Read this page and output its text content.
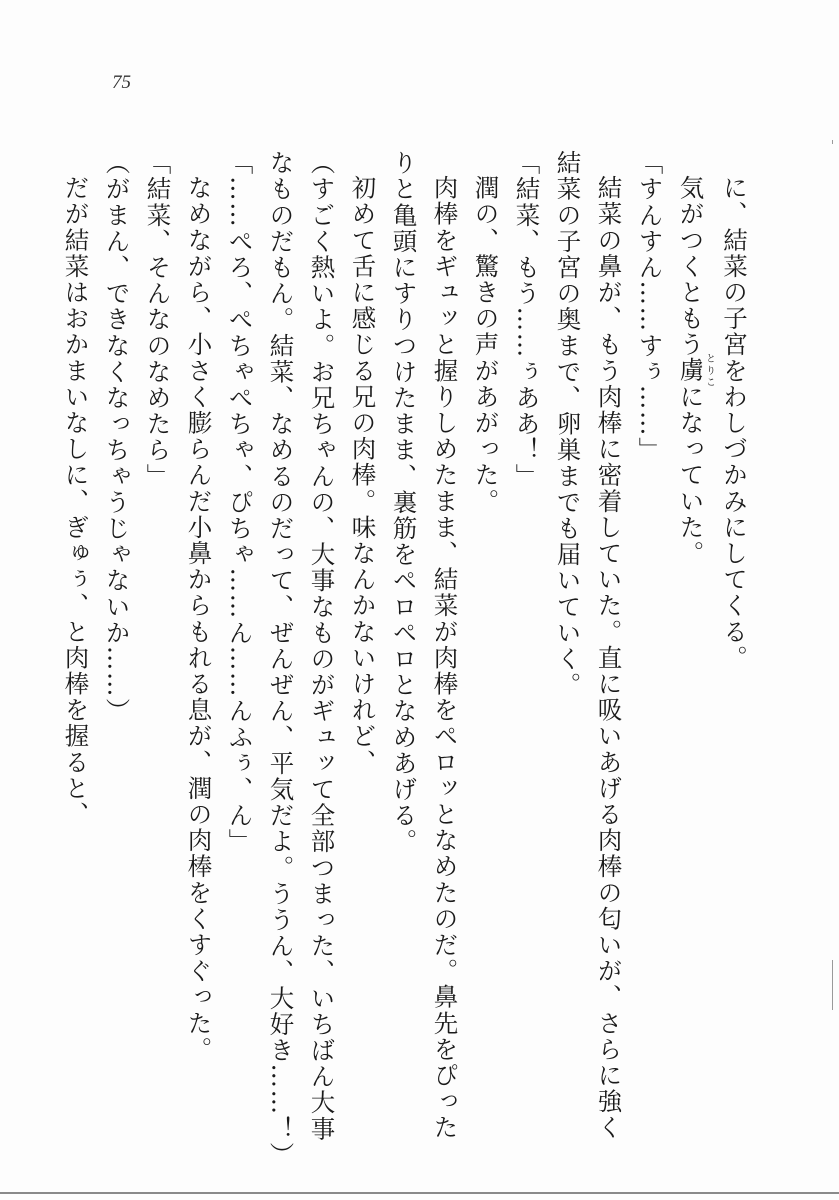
75
に、結菜の子宮をわしづかみにしてくる。
気がつくともう虜とりこになっていた。
「すんすん……すぅ……」
結菜の鼻が、もう肉棒に密着していた。直に吸いあげる肉棒の匂いが、さらに強く
結菜の子宮の奥まで、卵巣までも届いていく。
「結菜、もう……ぅああ！」
潤の、驚きの声があがった。
肉棒をギュッと握りしめたまま、結菜が肉棒をペロッとなめたのだ。鼻先をぴった
りと亀頭にすりつけたまま、裏筋をペロペロとなめあげる。
初めて舌に感じる兄の肉棒。味なんかないけれど、
（すごく熱いよ。お兄ちゃんの、大事なものがギュッて全部つまった、いちばん大事
なものだもん。結菜、なめるのだって、ぜんぜん、平気だよ。ううん、大好き……！）
「……ぺろ、ぺちゃぺちゃ、ぴちゃ……ん……んふぅ、ん」
なめながら、小さく膨らんだ小鼻からもれる息が、潤の肉棒をくすぐった。
「結菜、そんなのなめたら」
（がまん、できなくなっちゃうじゃないか……）
だが結菜はおかまいなしに、ぎゅぅ、と肉棒を握ると、
